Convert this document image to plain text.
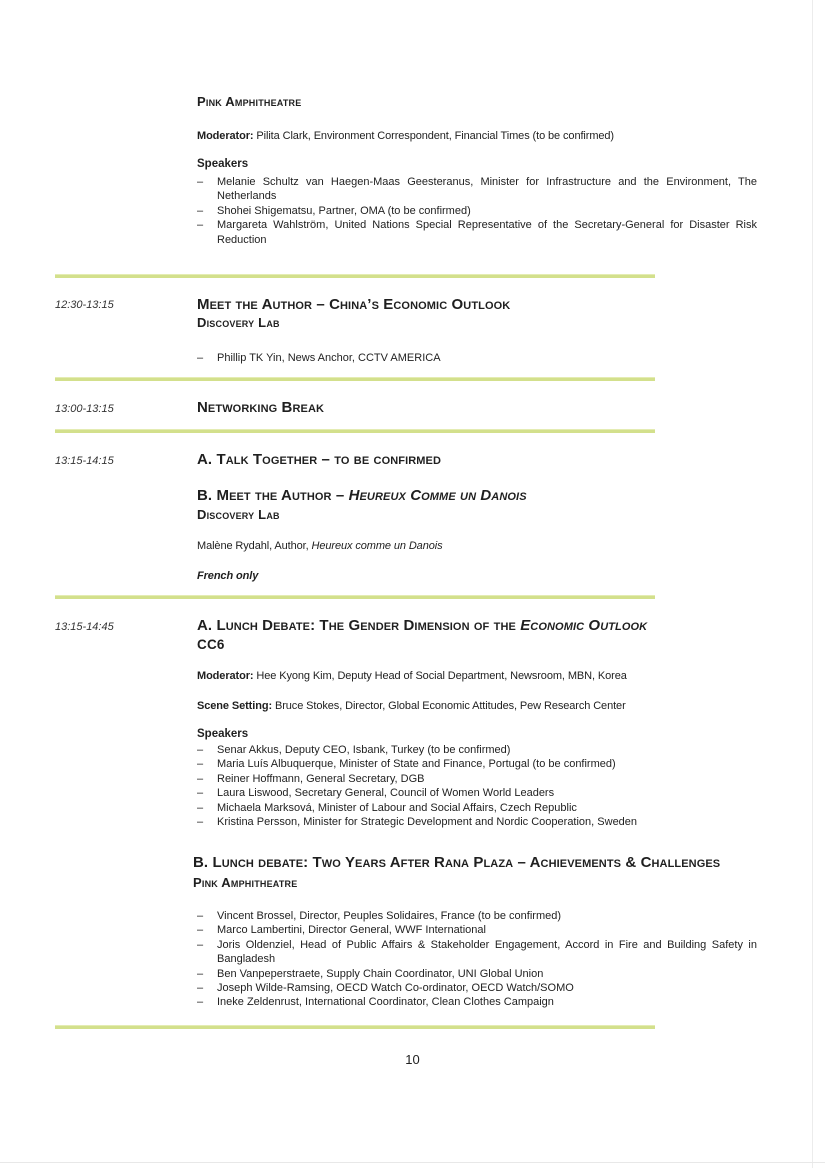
Pink Amphitheatre
Moderator: Pilita Clark, Environment Correspondent, Financial Times (to be confirmed)
Speakers
– Melanie Schultz van Haegen-Maas Geesteranus, Minister for Infrastructure and the Environment, The Netherlands
– Shohei Shigematsu, Partner, OMA (to be confirmed)
– Margareta Wahlström, United Nations Special Representative of the Secretary-General for Disaster Risk Reduction
12:30-13:15	Meet the Author – China’s Economic Outlook
Discovery Lab
– Phillip TK Yin, News Anchor, CCTV AMERICA
13:00-13:15	Networking Break
13:15-14:15	A. Talk Together – to be confirmed
B. Meet the Author – Heureux Comme un Danois
Discovery Lab
Malène Rydahl, Author, Heureux comme un Danois
French only
13:15-14:45	A. Lunch Debate: The Gender Dimension of the Economic Outlook
CC6
Moderator: Hee Kyong Kim, Deputy Head of Social Department, Newsroom, MBN, Korea
Scene Setting: Bruce Stokes, Director, Global Economic Attitudes, Pew Research Center
Speakers
– Senar Akkus, Deputy CEO, Isbank, Turkey (to be confirmed)
– Maria Luís Albuquerque, Minister of State and Finance, Portugal (to be confirmed)
– Reiner Hoffmann, General Secretary, DGB
– Laura Liswood, Secretary General, Council of Women World Leaders
– Michaela Marksová, Minister of Labour and Social Affairs, Czech Republic
– Kristina Persson, Minister for Strategic Development and Nordic Cooperation, Sweden
B. Lunch debate: Two Years After Rana Plaza – Achievements & Challenges
Pink Amphitheatre
– Vincent Brossel, Director, Peuples Solidaires, France (to be confirmed)
– Marco Lambertini, Director General, WWF International
– Joris Oldenziel, Head of Public Affairs & Stakeholder Engagement, Accord in Fire and Building Safety in Bangladesh
– Ben Vanpeperstraete, Supply Chain Coordinator, UNI Global Union
– Joseph Wilde-Ramsing, OECD Watch Co-ordinator, OECD Watch/SOMO
– Ineke Zeldenrust, International Coordinator, Clean Clothes Campaign
10
